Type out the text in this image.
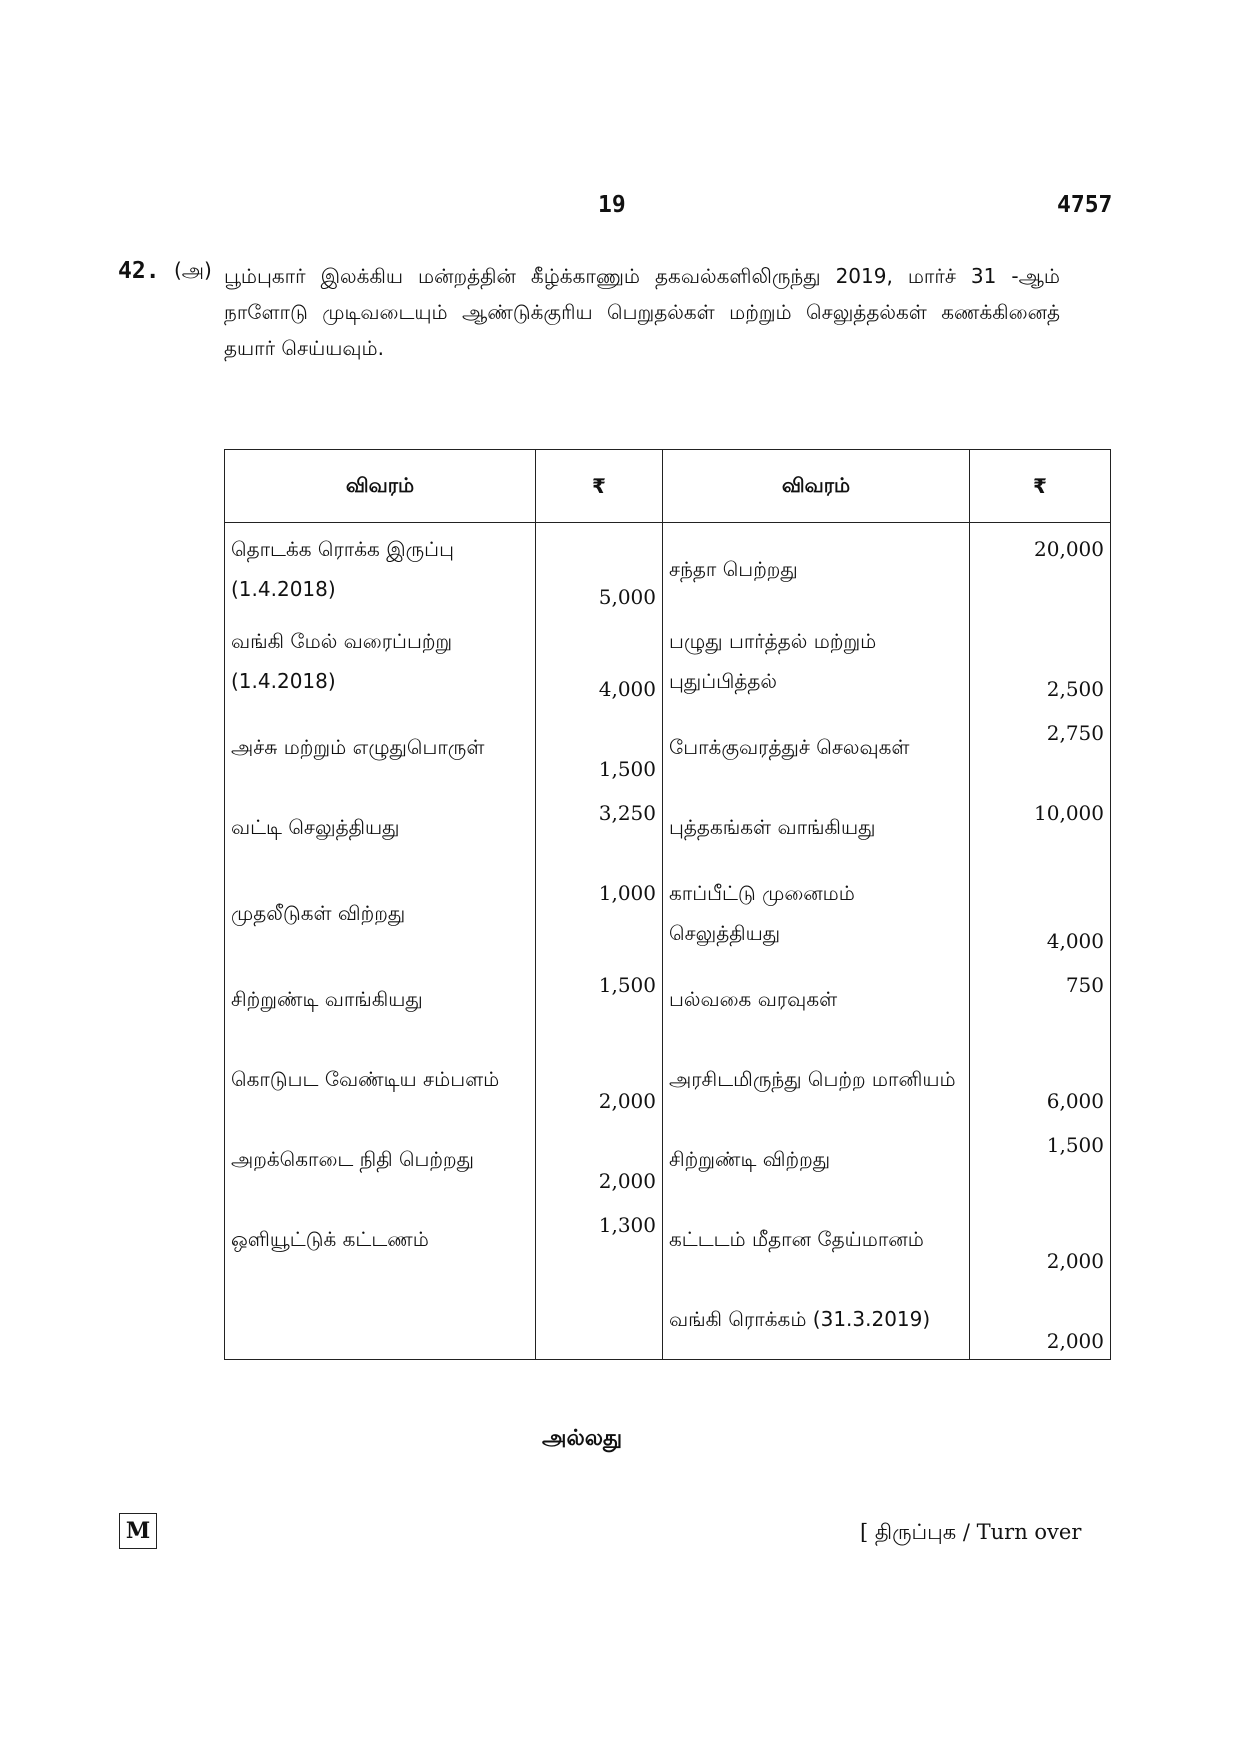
19	4757
42. (அ) பூம்புகார் இலக்கிய மன்றத்தின் கீழ்க்காணும் தகவல்களிலிருந்து 2019, மார்ச் 31 -ஆம் நாளோடு முடிவடையும் ஆண்டுக்குரிய பெறுதல்கள் மற்றும் செலுத்தல்கள் கணக்கினைத் தயார் செய்யவும்.
விவரம்	₹	விவரம்	₹
தொடக்க ரொக்க இருப்பு (1.4.2018)	5,000	சந்தா பெற்றது	20,000
வங்கி மேல் வரைப்பற்று (1.4.2018)	4,000	பழுது பார்த்தல் மற்றும் புதுப்பித்தல்	2,500
அச்சு மற்றும் எழுதுபொருள்	1,500	போக்குவரத்துச் செலவுகள்	2,750
வட்டி செலுத்தியது	3,250	புத்தகங்கள் வாங்கியது	10,000
முதலீடுகள் விற்றது	1,000	காப்பீட்டு முனைமம் செலுத்தியது	4,000
சிற்றுண்டி வாங்கியது	1,500	பல்வகை வரவுகள்	750
கொடுபட வேண்டிய சம்பளம்	2,000	அரசிடமிருந்து பெற்ற மானியம்	6,000
அறக்கொடை நிதி பெற்றது	2,000	சிற்றுண்டி விற்றது	1,500
ஒளியூட்டுக் கட்டணம்	1,300	கட்டடம் மீதான தேய்மானம்	2,000
		வங்கி ரொக்கம் (31.3.2019)	2,000
அல்லது
M	[ திருப்புக / Turn over
